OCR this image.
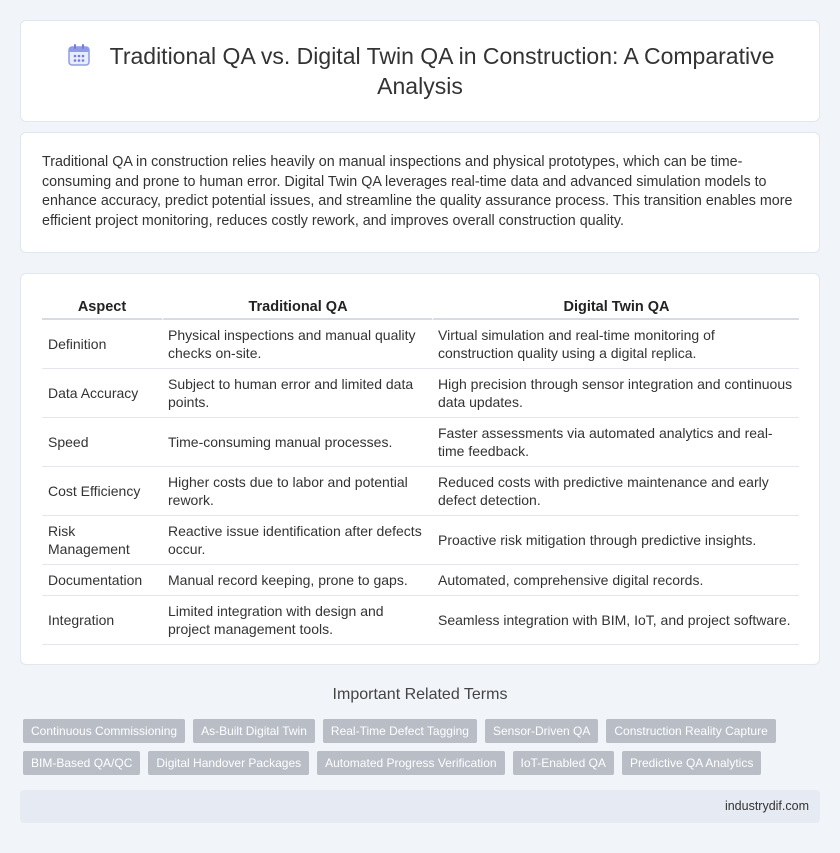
Traditional QA vs. Digital Twin QA in Construction: A Comparative Analysis

Traditional QA in construction relies heavily on manual inspections and physical prototypes, which can be time-consuming and prone to human error. Digital Twin QA leverages real-time data and advanced simulation models to enhance accuracy, predict potential issues, and streamline the quality assurance process. This transition enables more efficient project monitoring, reduces costly rework, and improves overall construction quality.

Aspect	Traditional QA	Digital Twin QA
Definition	Physical inspections and manual quality checks on-site.	Virtual simulation and real-time monitoring of construction quality using a digital replica.
Data Accuracy	Subject to human error and limited data points.	High precision through sensor integration and continuous data updates.
Speed	Time-consuming manual processes.	Faster assessments via automated analytics and real-time feedback.
Cost Efficiency	Higher costs due to labor and potential rework.	Reduced costs with predictive maintenance and early defect detection.
Risk Management	Reactive issue identification after defects occur.	Proactive risk mitigation through predictive insights.
Documentation	Manual record keeping, prone to gaps.	Automated, comprehensive digital records.
Integration	Limited integration with design and project management tools.	Seamless integration with BIM, IoT, and project software.
Important Related Terms
Continuous Commissioning	As-Built Digital Twin	Real-Time Defect Tagging	Sensor-Driven QA	Construction Reality Capture
BIM-Based QA/QC	Digital Handover Packages	Automated Progress Verification	IoT-Enabled QA	Predictive QA Analytics
industrydif.com
